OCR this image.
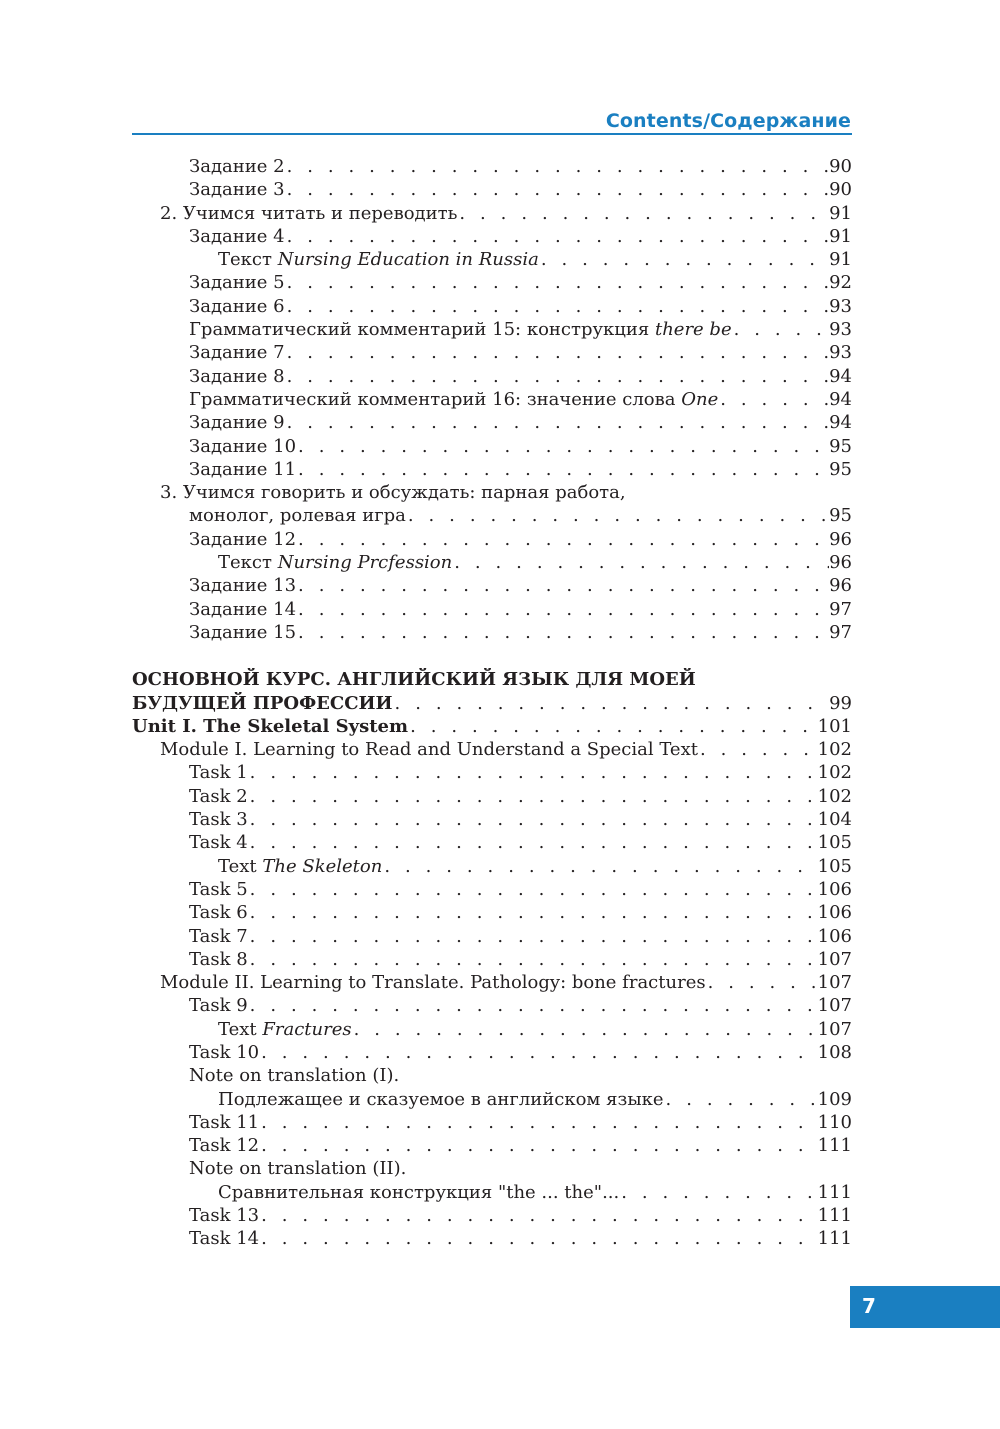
Contents/Содержание
Задание 2 . . .	90
Задание 3 . . .	90
2. Учимся читать и переводить . . .	91
Задание 4 . . .	91
Текст Nursing Education in Russia . . .	91
Задание 5 . . .	92
Задание 6 . . .	93
Грамматический комментарий 15: конструкция there be . . .	93
Задание 7 . . .	93
Задание 8 . . .	94
Грамматический комментарий 16: значение слова One . . .	94
Задание 9 . . .	94
Задание 10 . . .	95
Задание 11 . . .	95
3. Учимся говорить и обсуждать: парная работа,
монолог, ролевая игра . . .	95
Задание 12 . . .	96
Текст Nursing Prcfession . . .	96
Задание 13 . . .	96
Задание 14 . . .	97
Задание 15 . . .	97
ОСНОВНОЙ КУРС. АНГЛИЙСКИЙ ЯЗЫК ДЛЯ МОЕЙ
БУДУЩЕЙ ПРОФЕССИИ . . .	99
Unit I. The Skeletal System . . .	101
Module I. Learning to Read and Understand a Special Text . . .	102
Task 1 . . .	102
Task 2 . . .	102
Task 3 . . .	104
Task 4 . . .	105
Text The Skeleton . . .	105
Task 5 . . .	106
Task 6 . . .	106
Task 7 . . .	106
Task 8 . . .	107
Module II. Learning to Translate. Pathology: bone fractures . . .	107
Task 9 . . .	107
Text Fractures . . .	107
Task 10 . . .	108
Note on translation (I).
Подлежащее и сказуемое в английском языке . . .	109
Task 11 . . .	110
Task 12 . . .	111
Note on translation (II).
Сравнительная конструкция "the ... the"... . . .	111
Task 13 . . .	111
Task 14 . . .	111
7
